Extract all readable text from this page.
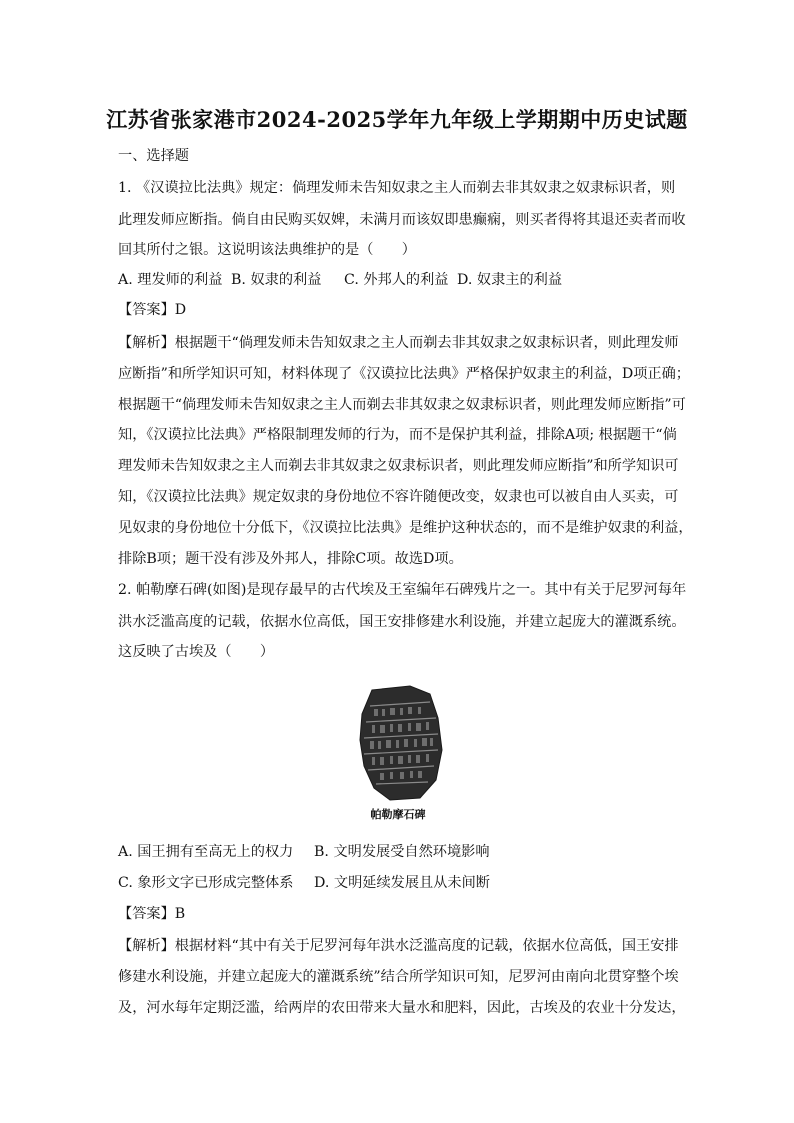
江苏省张家港市2024-2025学年九年级上学期期中历史试题
一、选择题
1. 《汉谟拉比法典》规定：倘理发师未告知奴隶之主人而剃去非其奴隶之奴隶标识者，则
此理发师应断指。倘自由民购买奴婢，未满月而该奴即患癫痫，则买者得将其退还卖者而收
回其所付之银。这说明该法典维护的是（　　）
A. 理发师的利益 B. 奴隶的利益 C. 外邦人的利益 D. 奴隶主的利益
【答案】D
【解析】根据题干“倘理发师未告知奴隶之主人而剃去非其奴隶之奴隶标识者，则此理发师
应断指”和所学知识可知，材料体现了《汉谟拉比法典》严格保护奴隶主的利益，D项正确；
根据题干“倘理发师未告知奴隶之主人而剃去非其奴隶之奴隶标识者，则此理发师应断指”可
知，《汉谟拉比法典》严格限制理发师的行为，而不是保护其利益，排除A项; 根据题干“倘
理发师未告知奴隶之主人而剃去非其奴隶之奴隶标识者，则此理发师应断指”和所学知识可
知，《汉谟拉比法典》规定奴隶的身份地位不容许随便改变，奴隶也可以被自由人买卖，可
见奴隶的身份地位十分低下，《汉谟拉比法典》是维护这种状态的，而不是维护奴隶的利益，
排除B项；题干没有涉及外邦人，排除C项。故选D项。
2. 帕勒摩石碑(如图)是现存最早的古代埃及王室编年石碑残片之一。其中有关于尼罗河每年
洪水泛滥高度的记载，依据水位高低，国王安排修建水利设施，并建立起庞大的灌溉系统。
这反映了古埃及（　　）
帕勒摩石碑
A. 国王拥有至高无上的权力 B. 文明发展受自然环境影响
C. 象形文字已形成完整体系 D. 文明延续发展且从未间断
【答案】B
【解析】根据材料“其中有关于尼罗河每年洪水泛滥高度的记载，依据水位高低，国王安排
修建水利设施，并建立起庞大的灌溉系统”结合所学知识可知，尼罗河由南向北贯穿整个埃
及，河水每年定期泛滥，给两岸的农田带来大量水和肥料，因此，古埃及的农业十分发达，
